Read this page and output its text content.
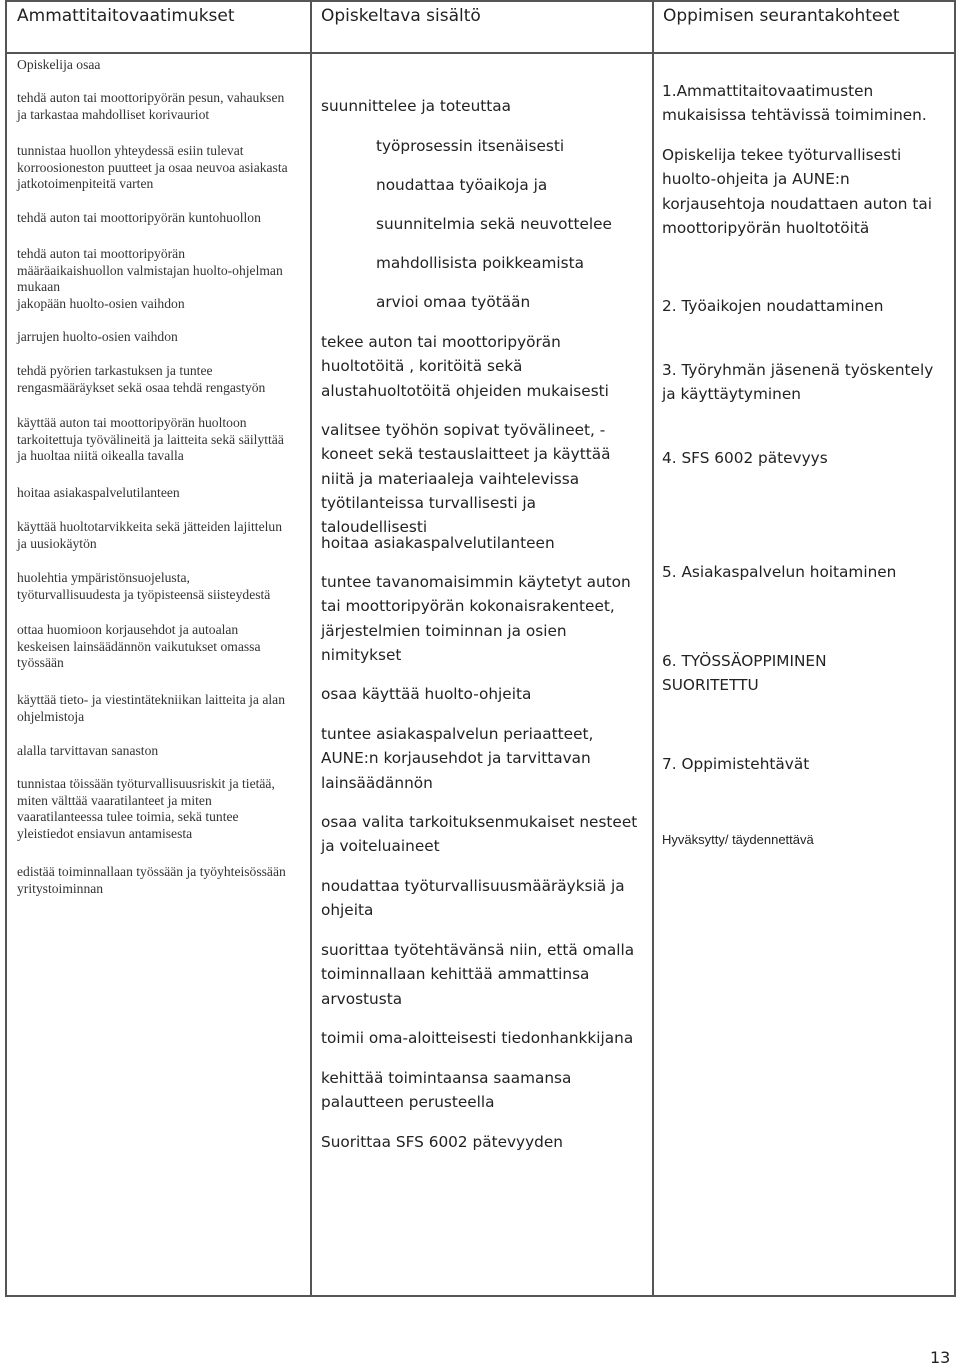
Ammattitaitovaatimukset	Opiskeltava sisältö	Oppimisen seurantakohteet
Opiskelija osaa
tehdä auton tai moottoripyörän pesun, vahauksen ja tarkastaa mahdolliset korivauriot
tunnistaa huollon yhteydessä esiin tulevat korroosioneston puutteet ja osaa neuvoa asiakasta jatkotoimenpiteitä varten
tehdä auton tai moottoripyörän kuntohuollon
tehdä auton tai moottoripyörän määräaikaishuollon valmistajan huolto-ohjelman mukaan
jakopään huolto-osien vaihdon
jarrujen huolto-osien vaihdon
tehdä pyörien tarkastuksen ja tuntee rengasmääräykset sekä osaa tehdä rengastyön
käyttää auton tai moottoripyörän huoltoon tarkoitettuja työvälineitä ja laitteita sekä säilyttää ja huoltaa niitä oikealla tavalla
hoitaa asiakaspalvelutilanteen
käyttää huoltotarvikkeita sekä jätteiden lajittelun ja uusiokäytön
huolehtia ympäristönsuojelusta, työturvallisuudesta ja työpisteensä siisteydestä
ottaa huomioon korjausehdot ja autoalan keskeisen lainsäädännön vaikutukset omassa työssään
käyttää tieto- ja viestintätekniikan laitteita ja alan ohjelmistoja
alalla tarvittavan sanaston
tunnistaa töissään työturvallisuusriskit ja tietää, miten välttää vaaratilanteet ja miten vaaratilanteessa tulee toimia, sekä tuntee yleistiedot ensiavun antamisesta
edistää toiminnallaan työssään ja työyhteisössään yritystoiminnan
suunnittelee ja toteuttaa
työprosessin itsenäisesti
noudattaa työaikoja ja
suunnitelmia sekä neuvottelee
mahdollisista poikkeamista
arvioi omaa työtään
tekee auton tai moottoripyörän huoltotöitä , koritöitä sekä alustahuoltotöitä ohjeiden mukaisesti
valitsee työhön sopivat työvälineet, -koneet sekä testauslaitteet ja käyttää niitä ja materiaaleja vaihtelevissa työtilanteissa turvallisesti ja taloudellisesti
hoitaa asiakaspalvelutilanteen
tuntee tavanomaisimmin käytetyt auton tai moottoripyörän kokonaisrakenteet, järjestelmien toiminnan ja osien nimitykset
osaa käyttää huolto-ohjeita
tuntee asiakaspalvelun periaatteet, AUNE:n korjausehdot ja tarvittavan lainsäädännön
osaa valita tarkoituksenmukaiset nesteet ja voiteluaineet
noudattaa työturvallisuusmääräyksiä ja ohjeita
suorittaa työtehtävänsä niin, että omalla toiminnallaan kehittää ammattinsa arvostusta
toimii oma-aloitteisesti tiedonhankkijana
kehittää toimintaansa saamansa palautteen perusteella
Suorittaa SFS 6002 pätevyyden
1.Ammattitaitovaatimusten mukaisissa tehtävissä toimiminen.
Opiskelija tekee työturvallisesti huolto-ohjeita ja AUNE:n korjausehtoja noudattaen auton tai moottoripyörän huoltotöitä
2. Työaikojen noudattaminen
3. Työryhmän jäsenenä työskentely ja käyttäytyminen
4. SFS 6002 pätevyys
5. Asiakaspalvelun hoitaminen
6. TYÖSSÄOPPIMINEN SUORITETTU
7. Oppimistehtävät
Hyväksytty/ täydennettävä
13
